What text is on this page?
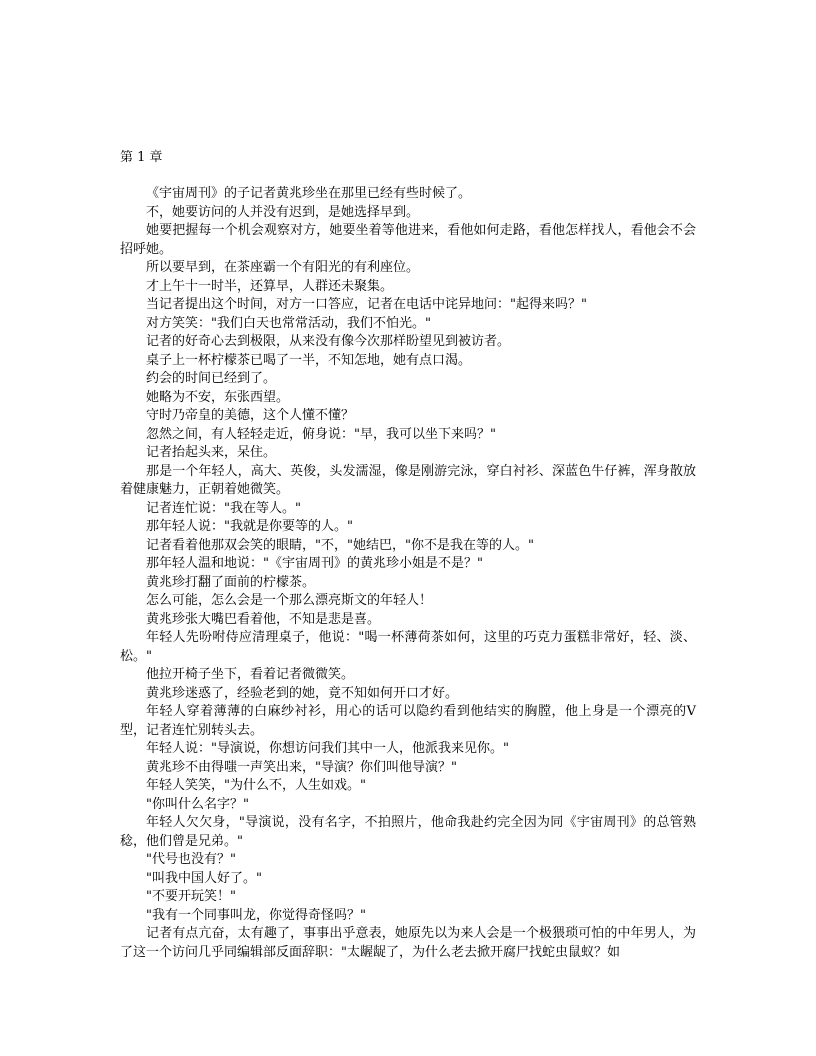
第 1 章

《宇宙周刊》的子记者黄兆珍坐在那里已经有些时候了。

不，她要访问的人并没有迟到，是她选择早到。

她要把握每一个机会观察对方，她要坐着等他进来，看他如何走路，看他怎样找人，看他会不会招呼她。

所以要早到，在茶座霸一个有阳光的有利座位。

才上午十一时半，还算早，人群还未聚集。

当记者提出这个时间，对方一口答应，记者在电话中诧异地问："起得来吗？"

对方笑笑："我们白天也常常活动，我们不怕光。"

记者的好奇心去到极限，从来没有像今次那样盼望见到被访者。

桌子上一杯柠檬茶已喝了一半，不知怎地，她有点口渴。

约会的时间已经到了。

她略为不安，东张西望。

守时乃帝皇的美德，这个人懂不懂？

忽然之间，有人轻轻走近，俯身说："早，我可以坐下来吗？"

记者抬起头来，呆住。

那是一个年轻人，高大、英俊，头发濡湿，像是刚游完泳，穿白衬衫、深蓝色牛仔裤，浑身散放着健康魅力，正朝着她微笑。

记者连忙说："我在等人。"

那年轻人说："我就是你要等的人。"

记者看着他那双会笑的眼睛，"不，"她结巴，"你不是我在等的人。"

那年轻人温和地说："《宇宙周刊》的黄兆珍小姐是不是？"

黄兆珍打翻了面前的柠檬茶。

怎么可能，怎么会是一个那么漂亮斯文的年轻人！

黄兆珍张大嘴巴看着他，不知是悲是喜。

年轻人先吩咐侍应清理桌子，他说："喝一杯薄荷茶如何，这里的巧克力蛋糕非常好，轻、淡、松。"

他拉开椅子坐下，看着记者微微笑。

黄兆珍迷惑了，经验老到的她，竟不知如何开口才好。

年轻人穿着薄薄的白麻纱衬衫，用心的话可以隐约看到他结实的胸膛，他上身是一个漂亮的V型，记者连忙别转头去。

年轻人说："导演说，你想访问我们其中一人，他派我来见你。"

黄兆珍不由得嗤一声笑出来，"导演？你们叫他导演？"

年轻人笑笑，"为什么不，人生如戏。"

"你叫什么名字？"

年轻人欠欠身，"导演说，没有名字，不拍照片，他命我赴约完全因为同《宇宙周刊》的总管熟稔，他们曾是兄弟。"

"代号也没有？"

"叫我中国人好了。"

"不要开玩笑！"

"我有一个同事叫龙，你觉得奇怪吗？"

记者有点亢奋，太有趣了，事事出乎意表，她原先以为来人会是一个极猥琐可怕的中年男人，为了这一个访问几乎同编辑部反面辞职："太龌龊了，为什么老去掀开腐尸找蛇虫鼠蚁？如
